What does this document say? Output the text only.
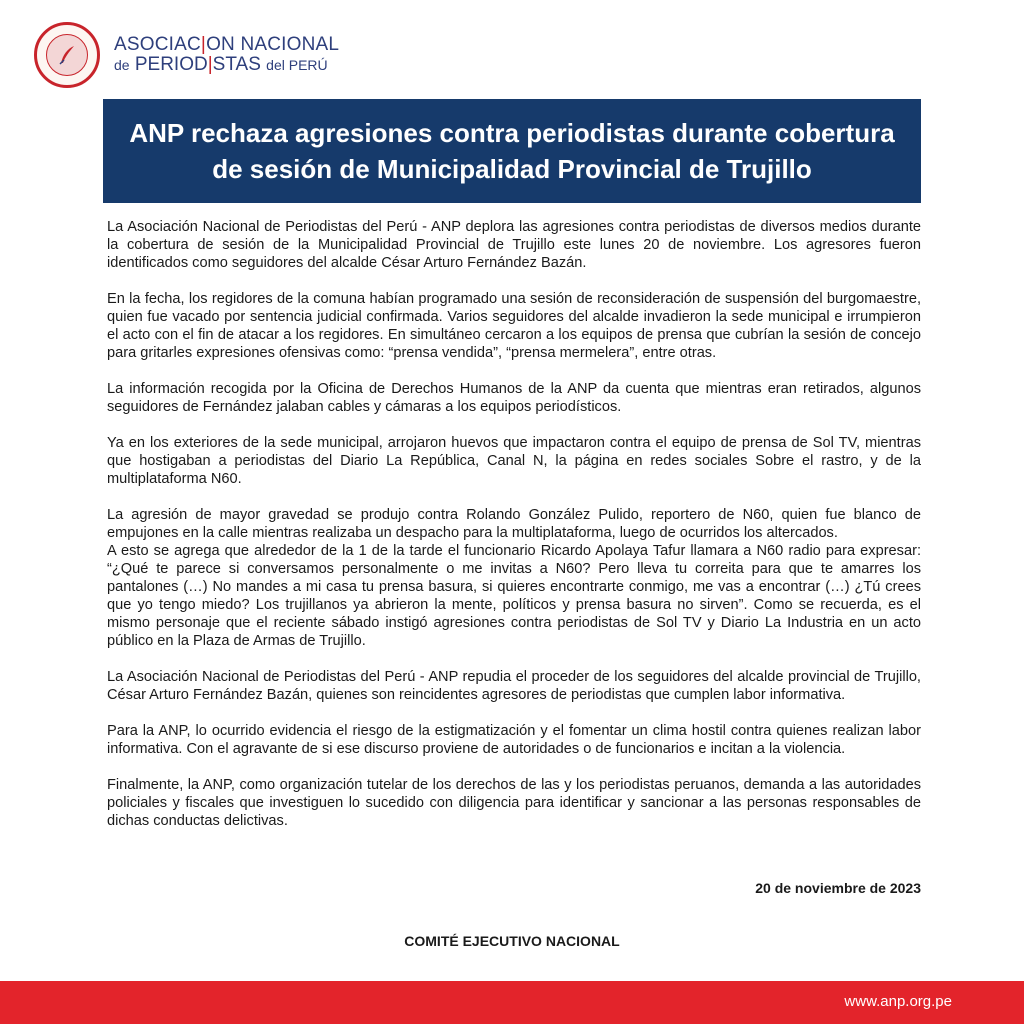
ASOCIAC|ON NACIONAL
de PERIOD|STAS del PERÚ
ANP rechaza agresiones contra periodistas durante cobertura de sesión de Municipalidad Provincial de Trujillo

La Asociación Nacional de Periodistas del Perú - ANP deplora las agresiones contra periodistas de diversos medios durante la cobertura de sesión de la Municipalidad Provincial de Trujillo este lunes 20 de noviembre. Los agresores fueron identificados como seguidores del alcalde César Arturo Fernández Bazán.

En la fecha, los regidores de la comuna habían programado una sesión de reconsideración de suspensión del burgomaestre, quien fue vacado por sentencia judicial confirmada. Varios seguidores del alcalde invadieron la sede municipal e irrumpieron el acto con el fin de atacar a los regidores. En simultáneo cercaron a los equipos de prensa que cubrían la sesión de concejo para gritarles expresiones ofensivas como: “prensa vendida”, “prensa mermelera”, entre otras.

La información recogida por la Oficina de Derechos Humanos de la ANP da cuenta que mientras eran retirados, algunos seguidores de Fernández jalaban cables y cámaras a los equipos periodísticos.

Ya en los exteriores de la sede municipal, arrojaron huevos que impactaron contra el equipo de prensa de Sol TV, mientras que hostigaban a periodistas del Diario La República, Canal N, la página en redes sociales Sobre el rastro, y de la multiplataforma N60.

La agresión de mayor gravedad se produjo contra Rolando González Pulido, reportero de N60, quien fue blanco de empujones en la calle mientras realizaba un despacho para la multiplataforma, luego de ocurridos los altercados.

A esto se agrega que alrededor de la 1 de la tarde el funcionario Ricardo Apolaya Tafur llamara a N60 radio para expresar: “¿Qué te parece si conversamos personalmente o me invitas a N60? Pero lleva tu correita para que te amarres los pantalones (…) No mandes a mi casa tu prensa basura, si quieres encontrarte conmigo, me vas a encontrar (…) ¿Tú crees que yo tengo miedo? Los trujillanos ya abrieron la mente, políticos y prensa basura no sirven”. Como se recuerda, es el mismo personaje que el reciente sábado instigó agresiones contra periodistas de Sol TV y Diario La Industria en un acto público en la Plaza de Armas de Trujillo.

La Asociación Nacional de Periodistas del Perú - ANP repudia el proceder de los seguidores del alcalde provincial de Trujillo, César Arturo Fernández Bazán, quienes son reincidentes agresores de periodistas que cumplen labor informativa.

Para la ANP, lo ocurrido evidencia el riesgo de la estigmatización y el fomentar un clima hostil contra quienes realizan labor informativa. Con el agravante de si ese discurso proviene de autoridades o de funcionarios e incitan a la violencia.

Finalmente, la ANP, como organización tutelar de los derechos de las y los periodistas peruanos, demanda a las autoridades policiales y fiscales que investiguen lo sucedido con diligencia para identificar y sancionar a las personas responsables de dichas conductas delictivas.

20 de noviembre de 2023
COMITÉ EJECUTIVO NACIONAL
www.anp.org.pe
